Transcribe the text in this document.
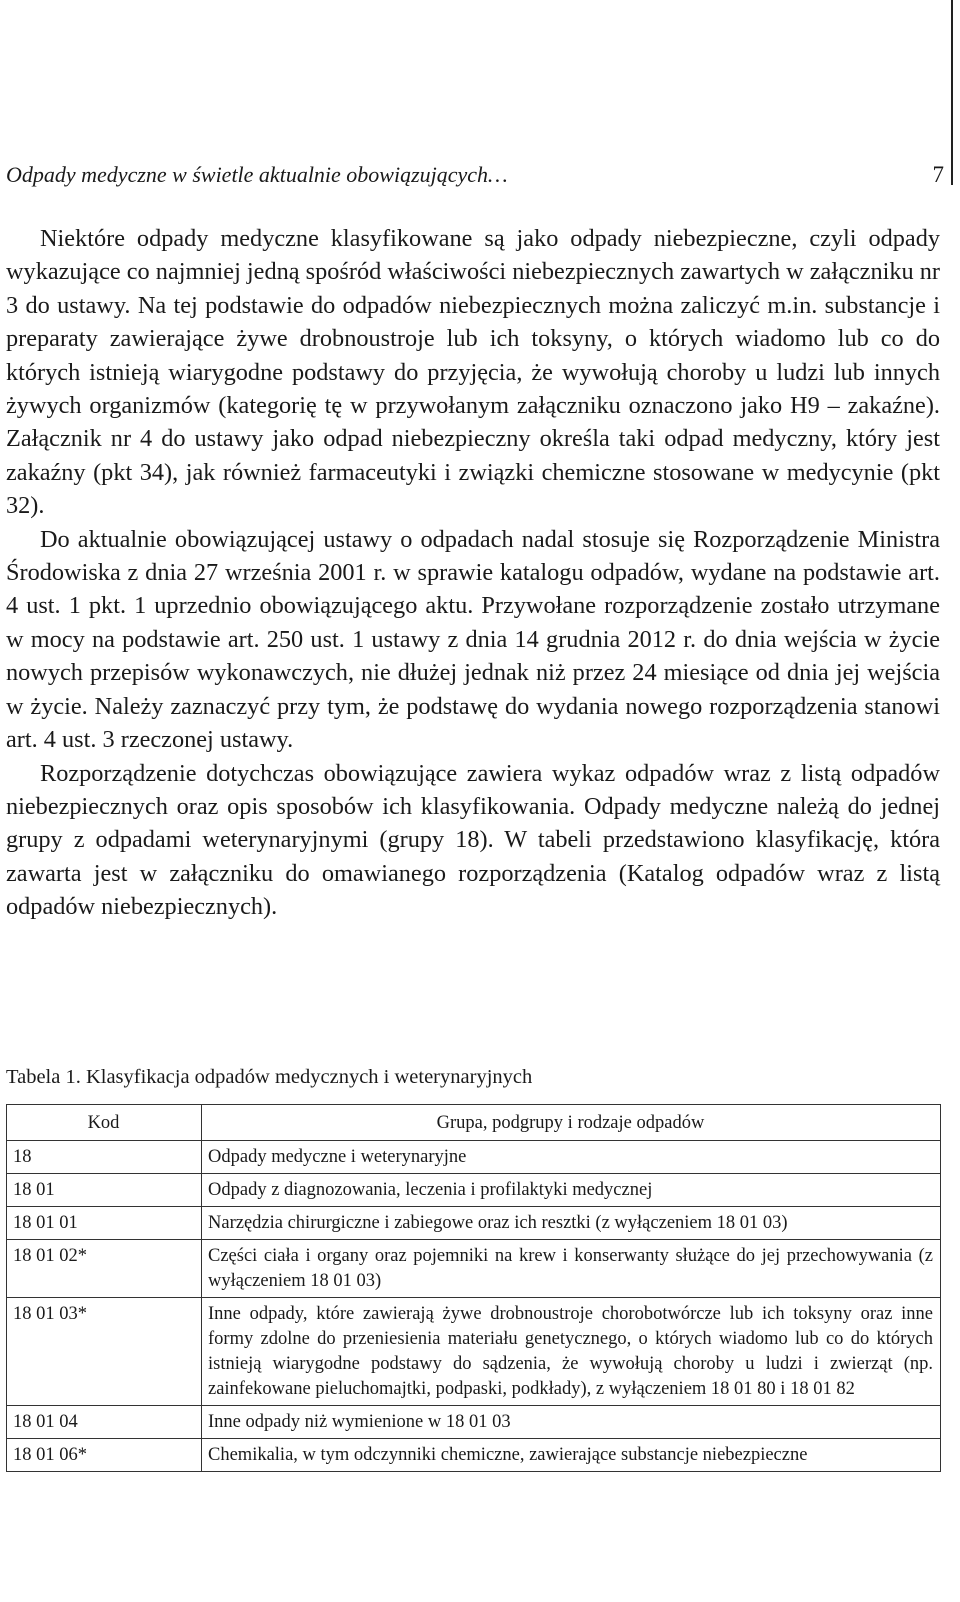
Odpady medyczne w świetle aktualnie obowiązujących…	7

Niektóre odpady medyczne klasyfikowane są jako odpady niebezpieczne, czyli odpady wykazujące co najmniej jedną spośród właściwości niebezpiecznych zawartych w załączniku nr 3 do ustawy. Na tej podstawie do odpadów niebezpiecznych można zaliczyć m.in. substancje i preparaty zawierające żywe drobnoustroje lub ich toksyny, o których wiadomo lub co do których istnieją wiarygodne podstawy do przyjęcia, że wywołują choroby u ludzi lub innych żywych organizmów (kategorię tę w przywołanym załączniku oznaczono jako H9 – zakaźne). Załącznik nr 4 do ustawy jako odpad niebezpieczny określa taki odpad medyczny, który jest zakaźny (pkt 34), jak również farmaceutyki i związki chemiczne stosowane w medycynie (pkt 32).

Do aktualnie obowiązującej ustawy o odpadach nadal stosuje się Rozporządzenie Ministra Środowiska z dnia 27 września 2001 r. w sprawie katalogu odpadów, wydane na podstawie art. 4 ust. 1 pkt. 1 uprzednio obowiązującego aktu. Przywołane rozporządzenie zostało utrzymane w mocy na podstawie art. 250 ust. 1 ustawy z dnia 14 grudnia 2012 r. do dnia wejścia w życie nowych przepisów wykonawczych, nie dłużej jednak niż przez 24 miesiące od dnia jej wejścia w życie. Należy zaznaczyć przy tym, że podstawę do wydania nowego rozporządzenia stanowi art. 4 ust. 3 rzeczonej ustawy.

Rozporządzenie dotychczas obowiązujące zawiera wykaz odpadów wraz z listą odpadów niebezpiecznych oraz opis sposobów ich klasyfikowania. Odpady medyczne należą do jednej grupy z odpadami weterynaryjnymi (grupy 18). W tabeli przedstawiono klasyfikację, która zawarta jest w załączniku do omawianego rozporządzenia (Katalog odpadów wraz z listą odpadów niebezpiecznych).

Tabela 1. Klasyfikacja odpadów medycznych i weterynaryjnych
Kod	Grupa, podgrupy i rodzaje odpadów
18	Odpady medyczne i weterynaryjne
18 01	Odpady z diagnozowania, leczenia i profilaktyki medycznej
18 01 01	Narzędzia chirurgiczne i zabiegowe oraz ich resztki (z wyłączeniem 18 01 03)
18 01 02*	Części ciała i organy oraz pojemniki na krew i konserwanty służące do jej przechowywania (z wyłączeniem 18 01 03)
18 01 03*	Inne odpady, które zawierają żywe drobnoustroje chorobotwórcze lub ich toksyny oraz inne formy zdolne do przeniesienia materiału genetycznego, o których wiadomo lub co do których istnieją wiarygodne podstawy do sądzenia, że wywołują choroby u ludzi i zwierząt (np. zainfekowane pieluchomajtki, podpaski, podkłady), z wyłączeniem 18 01 80 i 18 01 82
18 01 04	Inne odpady niż wymienione w 18 01 03
18 01 06*	Chemikalia, w tym odczynniki chemiczne, zawierające substancje niebezpieczne
